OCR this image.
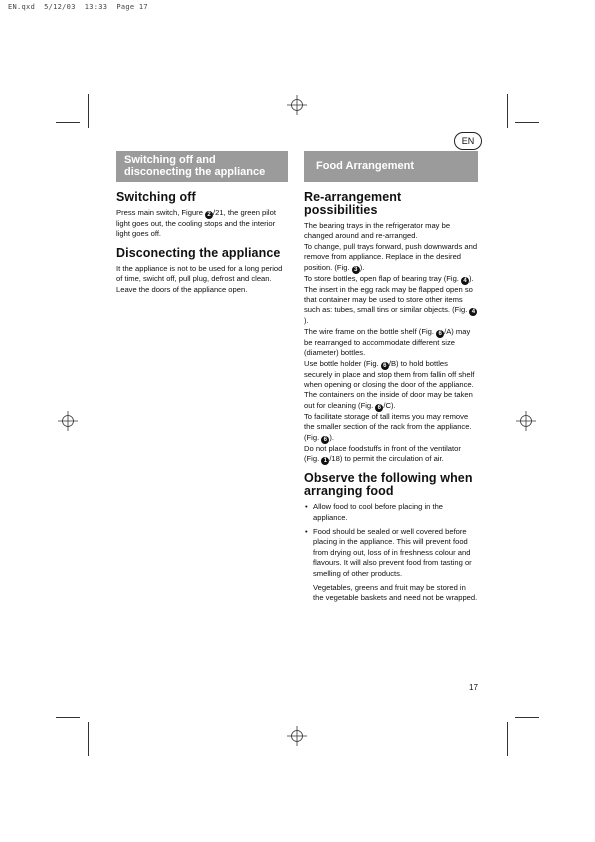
EN.qxd  5/12/03  13:33  Page 17
EN
Switching off and disconecting the appliance	Food Arrangement
Switching off

Press main switch, Figure 2 /21, the green pilot light goes out, the cooling stops and the interior light goes off.

Disconecting the appliance

It the appliance is not to be used for a long period of time, swicht off, pull plug, defrost and clean. Leave the doors of the appliance open.

Re-arrangement possibilities

The bearing trays in the refrigerator may be changed around and re-arranged.

To change, pull trays forward, push downwards and remove from appliance. Replace in the desired position. (Fig. 3 ).

To store bottles, open flap of bearing tray (Fig. 4 ).

The insert in the egg rack may be flapped open so that container may be used to store other items such as: tubes, small tins or similar objects. (Fig. 4).

The wire frame on the bottle shelf (Fig. 6 /A) may be rearranged to accommodate different size (diameter) bottles.

Use bottle holder (Fig. 6 /B) to hold bottles securely in place and stop them from fallin off shelf when opening or closing the door of the appliance.

The containers on the inside of door may be taken out for cleaning (Fig. 6 /C).

To facilitate storage of tall items you may remove the smaller section of the rack from the appliance. (Fig. 6 ).

Do not place foodstuffs in front of the ventilator (Fig. 1 /18) to permit the circulation of air.

Observe the following when arranging food
• Allow food to cool before placing in the appliance.
• Food should be sealed or well covered before placing in the appliance. This will prevent food from drying out, loss of in freshness colour and flavours. It will also prevent food from tasting or smelling of other products.

Vegetables, greens and fruit may be stored in the vegetable baskets and need not be wrapped.

17
